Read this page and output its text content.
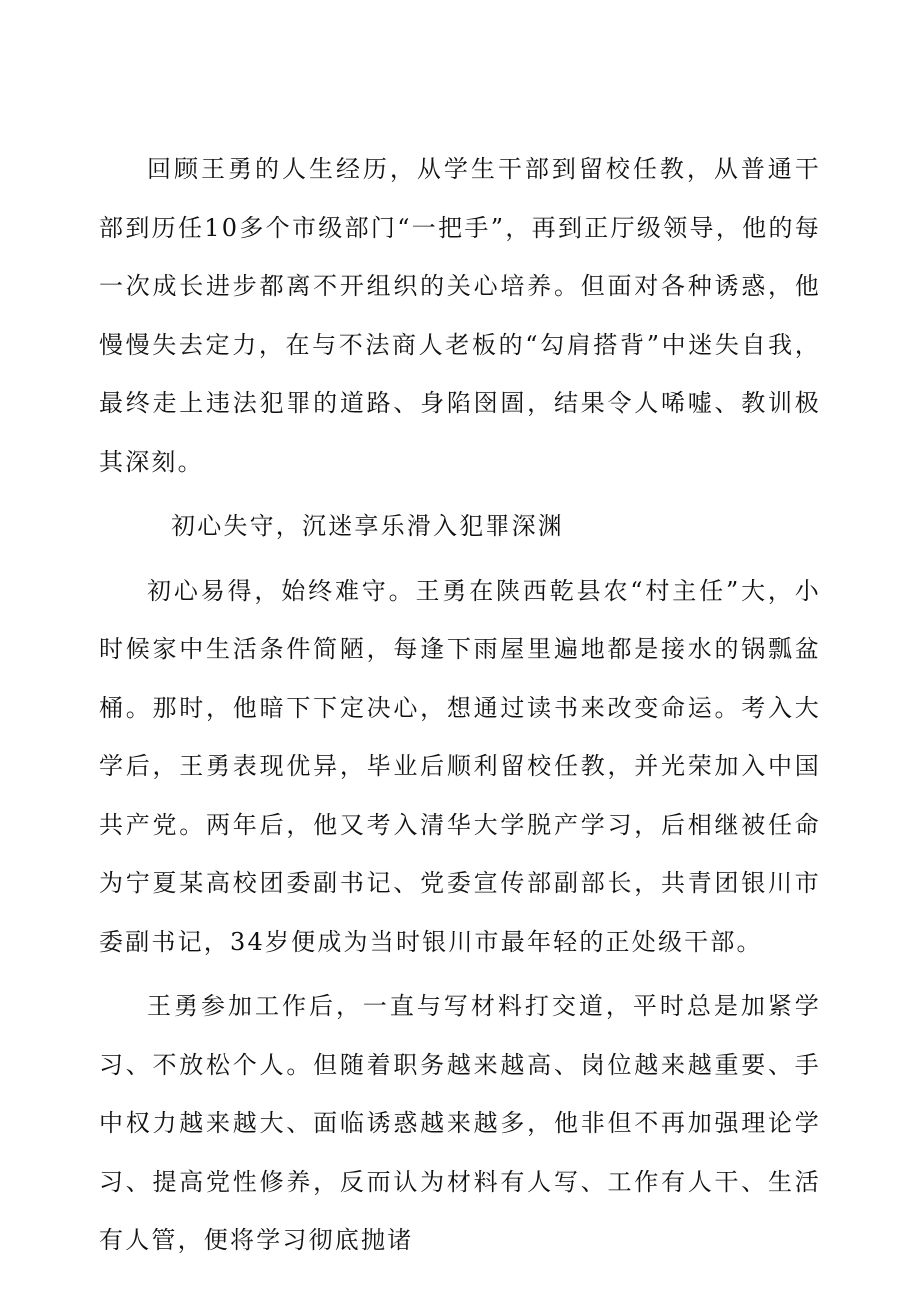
回顾王勇的人生经历，从学生干部到留校任教，从普通干部到历任10多个市级部门“一把手”，再到正厅级领导，他的每一次成长进步都离不开组织的关心培养。但面对各种诱惑，他慢慢失去定力，在与不法商人老板的“勾肩搭背”中迷失自我，最终走上违法犯罪的道路、身陷囹圄，结果令人唏嘘、教训极其深刻。

初心失守，沉迷享乐滑入犯罪深渊

初心易得，始终难守。王勇在陕西乾县农“村主任”大，小时候家中生活条件简陋，每逢下雨屋里遍地都是接水的锅瓢盆桶。那时，他暗下下定决心，想通过读书来改变命运。考入大学后，王勇表现优异，毕业后顺利留校任教，并光荣加入中国共产党。两年后，他又考入清华大学脱产学习，后相继被任命为宁夏某高校团委副书记、党委宣传部副部长，共青团银川市委副书记，34岁便成为当时银川市最年轻的正处级干部。

王勇参加工作后，一直与写材料打交道，平时总是加紧学习、不放松个人。但随着职务越来越高、岗位越来越重要、手中权力越来越大、面临诱惑越来越多，他非但不再加强理论学习、提高党性修养，反而认为材料有人写、工作有人干、生活有人管，便将学习彻底抛诸
